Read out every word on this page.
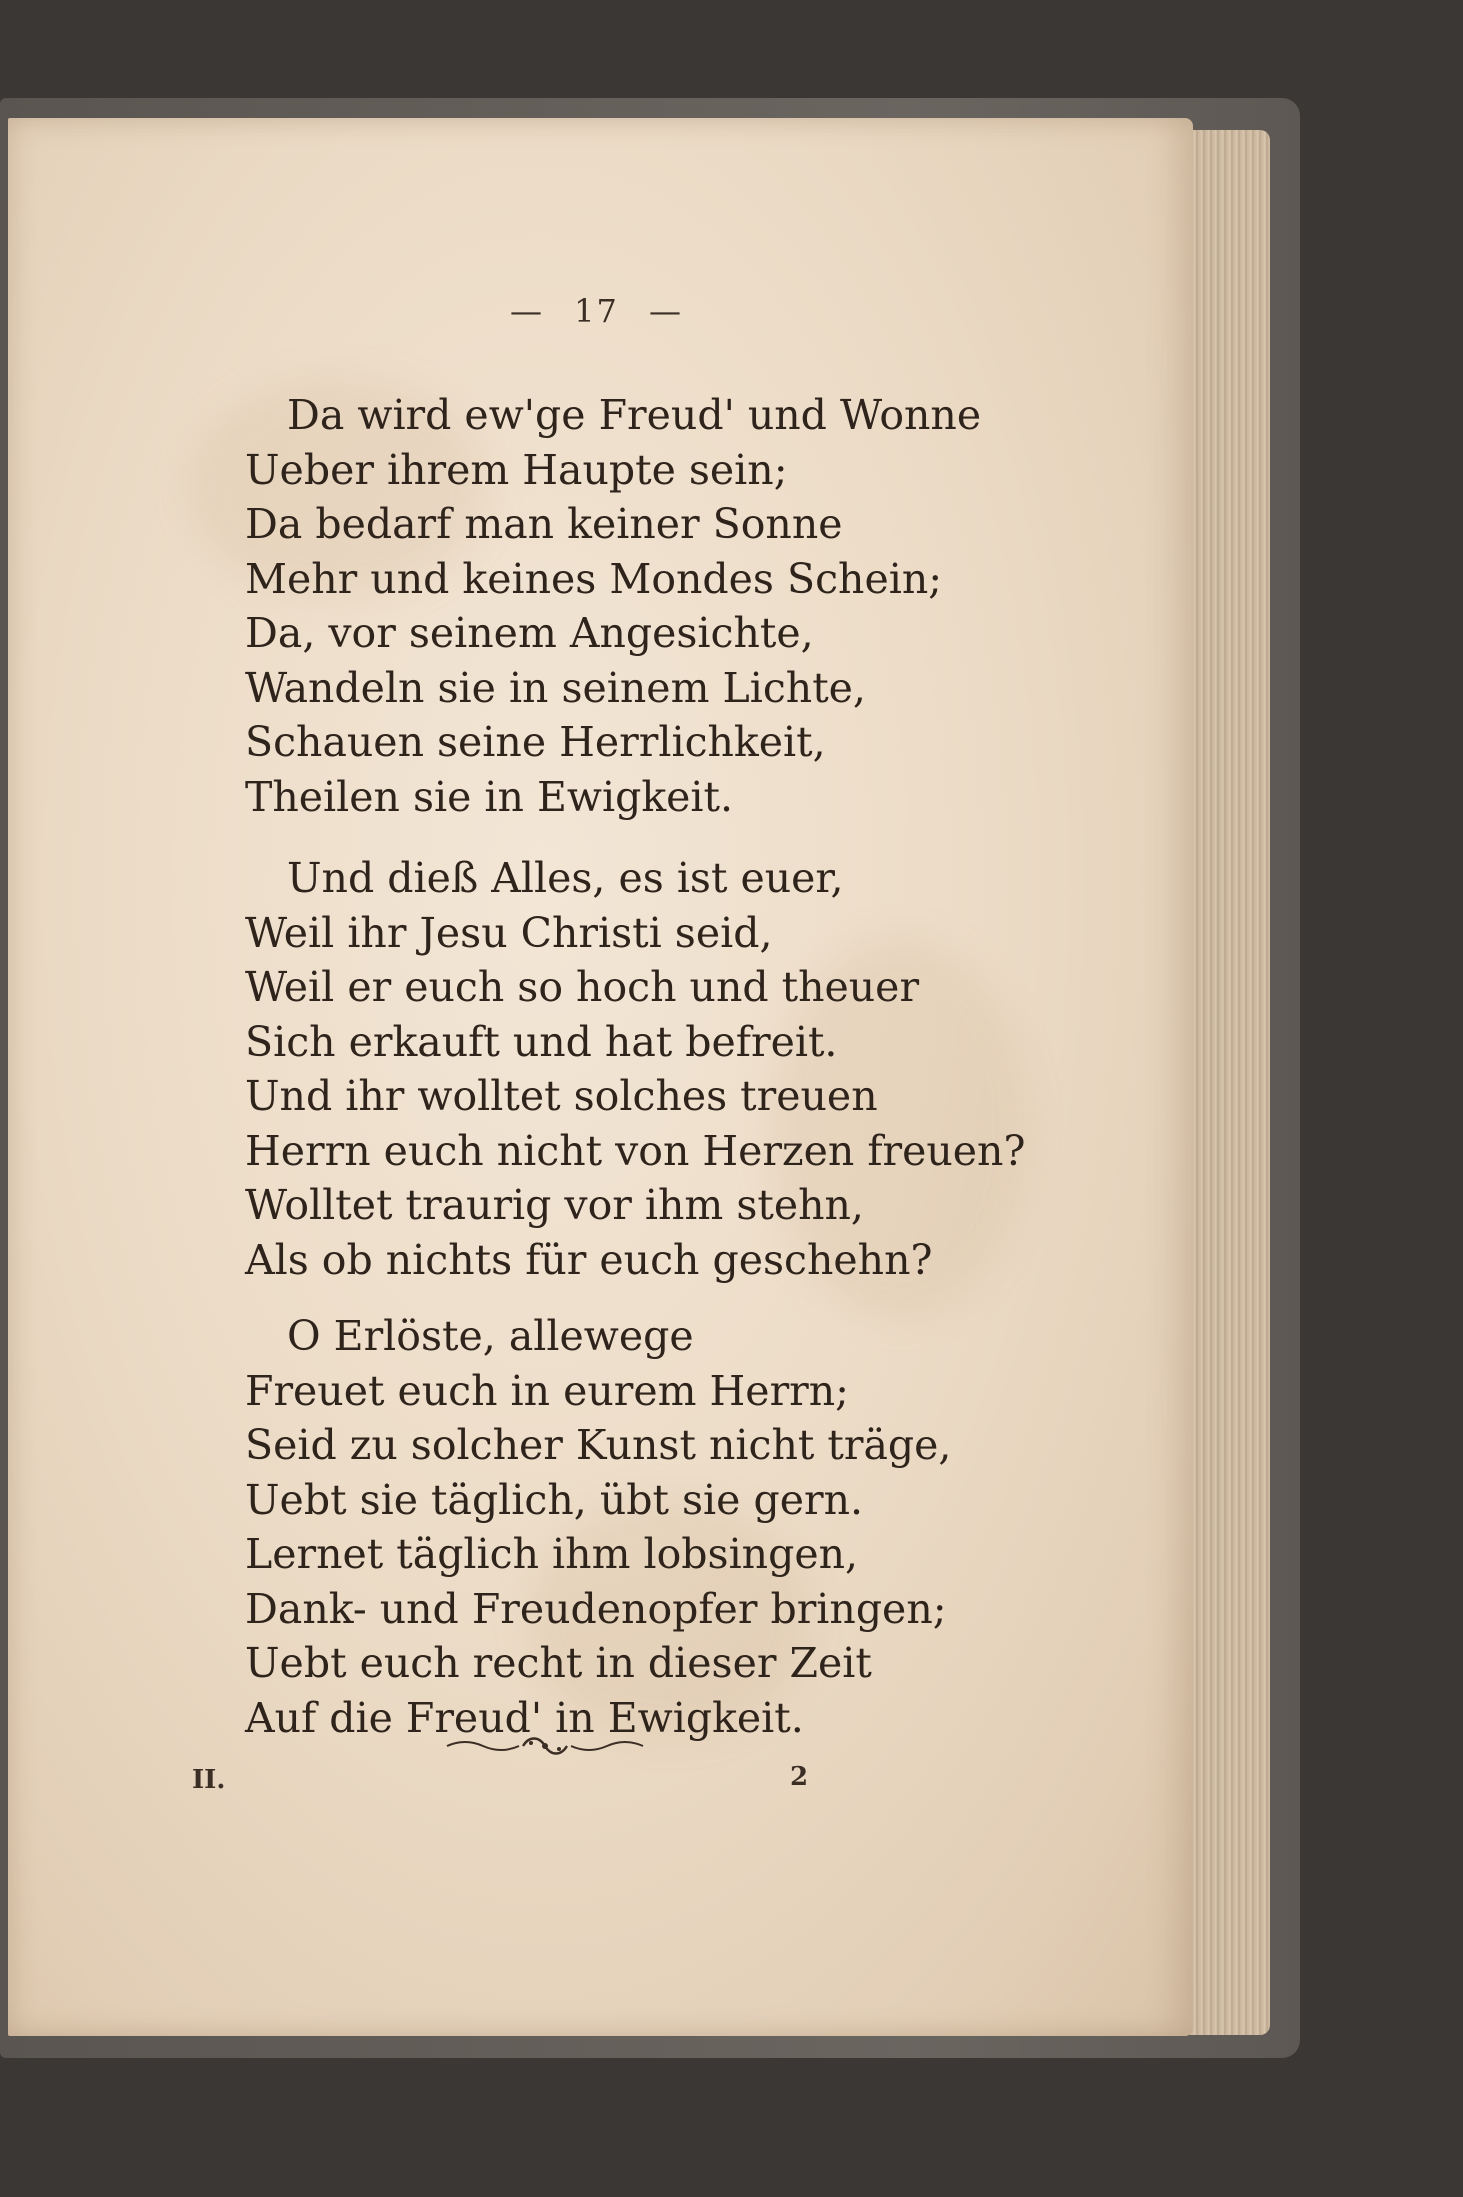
— 17 —
Da wird ew'ge Freud' und Wonne
Ueber ihrem Haupte sein;
Da bedarf man keiner Sonne
Mehr und keines Mondes Schein;
Da, vor seinem Angesichte,
Wandeln sie in seinem Lichte,
Schauen seine Herrlichkeit,
Theilen sie in Ewigkeit.
Und dieß Alles, es ist euer,
Weil ihr Jesu Christi seid,
Weil er euch so hoch und theuer
Sich erkauft und hat befreit.
Und ihr wolltet solches treuen
Herrn euch nicht von Herzen freuen?
Wolltet traurig vor ihm stehn,
Als ob nichts für euch geschehn?
O Erlöste, allewege
Freuet euch in eurem Herrn;
Seid zu solcher Kunst nicht träge,
Uebt sie täglich, übt sie gern.
Lernet täglich ihm lobsingen,
Dank- und Freudenopfer bringen;
Uebt euch recht in dieser Zeit
Auf die Freud' in Ewigkeit.
II.	2
